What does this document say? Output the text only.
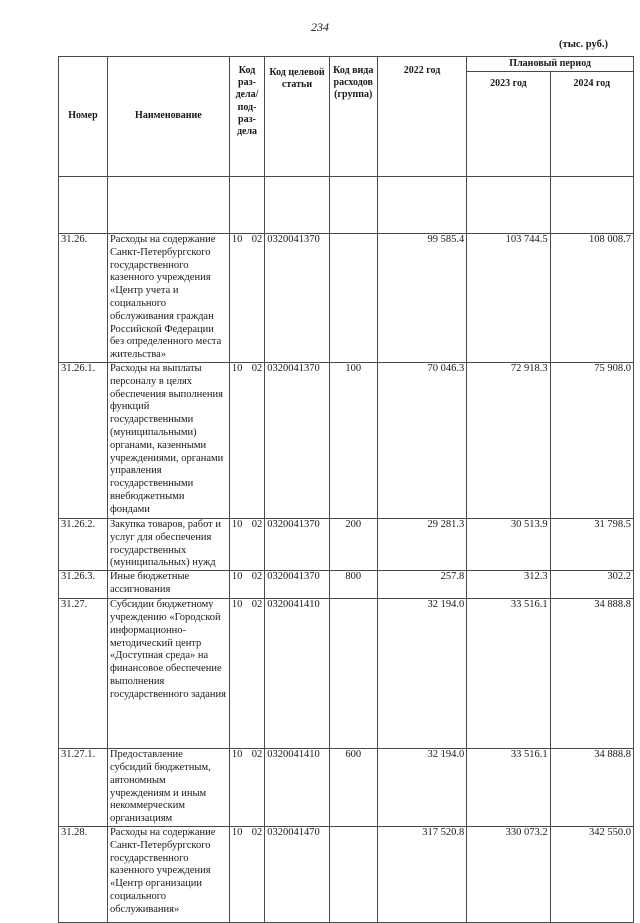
234
(тыс. руб.)
Номер	Наименование	Код раз-дела/ под-раз-дела	Код целевой статьи	Код вида расходов (группа)	2022 год	Плановый период	
						2023 год	2024 год

31.26.	Расходы на содержание Санкт-Петербургского государственного казенного учреждения «Центр учета и социального обслуживания граждан Российской Федерации без определенного места жительства»	10 02	0320041370		99 585.4	103 744.5	108 008.7
31.26.1.	Расходы на выплаты персоналу в целях обеспечения выполнения функций государственными (муниципальными) органами, казенными учреждениями, органами управления государственными внебюджетными фондами	10 02	0320041370	100	70 046.3	72 918.3	75 908.0
31.26.2.	Закупка товаров, работ и услуг для обеспечения государственных (муниципальных) нужд	10 02	0320041370	200	29 281.3	30 513.9	31 798.5
31.26.3.	Иные бюджетные ассигнования	10 02	0320041370	800	257.8	312.3	302.2
31.27.	Субсидии бюджетному учреждению «Городской информационно-методический центр «Доступная среда» на финансовое обеспечение выполнения государственного задания	10 02	0320041410		32 194.0	33 516.1	34 888.8
31.27.1.	Предоставление субсидий бюджетным, автономным учреждениям и иным некоммерческим организациям	10 02	0320041410	600	32 194.0	33 516.1	34 888.8
31.28.	Расходы на содержание Санкт-Петербургского государственного казенного учреждения «Центр организации социального обслуживания»	10 02	0320041470		317 520.8	330 073.2	342 550.0
